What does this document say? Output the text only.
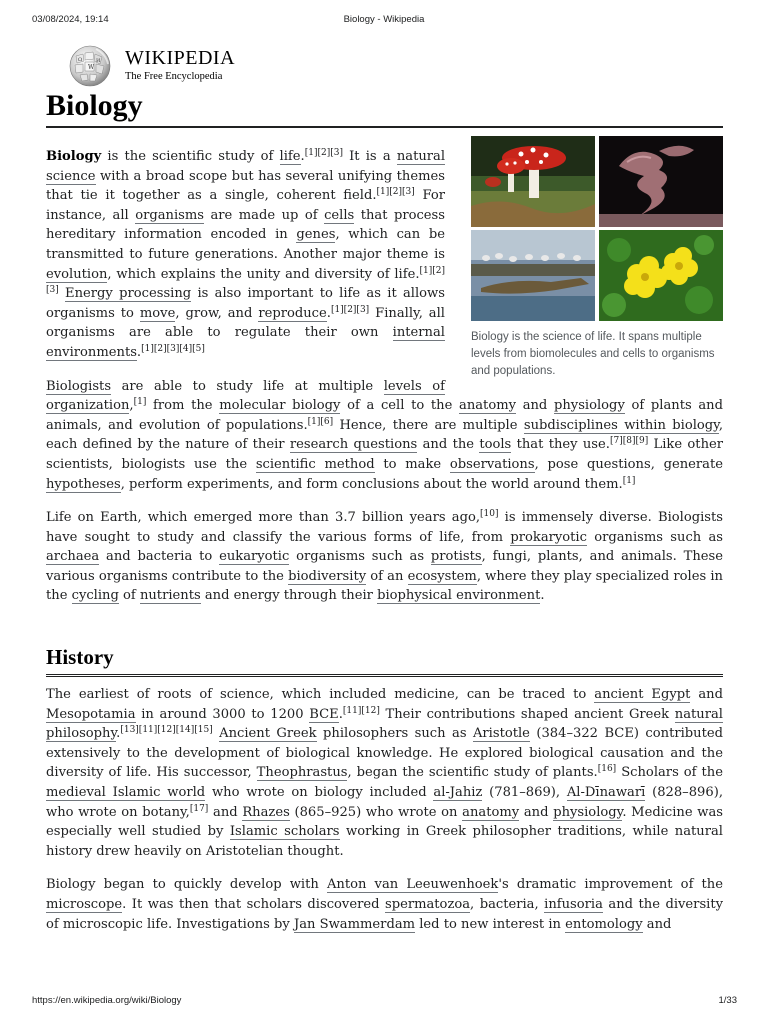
03/08/2024, 19:14	Biology - Wikipedia
W
Ω	И WIKIPEDIA
The Free Encyclopedia
Biology
Biology is the science of life. It spans multiple levels from biomolecules and cells to organisms and populations.

Biology is the scientific study of life.[1][2][3] It is a natural science with a broad scope but has several unifying themes that tie it together as a single, coherent field.[1][2][3] For instance, all organisms are made up of cells that process hereditary information encoded in genes, which can be transmitted to future generations. Another major theme is evolution, which explains the unity and diversity of life.[1][2][3] Energy processing is also important to life as it allows organisms to move, grow, and reproduce.[1][2][3] Finally, all organisms are able to regulate their own internal environments.[1][2][3][4][5]

Biologists are able to study life at multiple levels of organization,[1] from the molecular biology of a cell to the anatomy and physiology of plants and animals, and evolution of populations.[1][6] Hence, there are multiple subdisciplines within biology, each defined by the nature of their research questions and the tools that they use.[7][8][9] Like other scientists, biologists use the scientific method to make observations, pose questions, generate hypotheses, perform experiments, and form conclusions about the world around them.[1]

Life on Earth, which emerged more than 3.7 billion years ago,[10] is immensely diverse. Biologists have sought to study and classify the various forms of life, from prokaryotic organisms such as archaea and bacteria to eukaryotic organisms such as protists, fungi, plants, and animals. These various organisms contribute to the biodiversity of an ecosystem, where they play specialized roles in the cycling of nutrients and energy through their biophysical environment.

History

The earliest of roots of science, which included medicine, can be traced to ancient Egypt and Mesopotamia in around 3000 to 1200 BCE.[11][12] Their contributions shaped ancient Greek natural philosophy.[13][11][12][14][15] Ancient Greek philosophers such as Aristotle (384–322 BCE) contributed extensively to the development of biological knowledge. He explored biological causation and the diversity of life. His successor, Theophrastus, began the scientific study of plants.[16] Scholars of the medieval Islamic world who wrote on biology included al-Jahiz (781–869), Al-Dīnawarī (828–896), who wrote on botany,[17] and Rhazes (865–925) who wrote on anatomy and physiology. Medicine was especially well studied by Islamic scholars working in Greek philosopher traditions, while natural history drew heavily on Aristotelian thought.

Biology began to quickly develop with Anton van Leeuwenhoek's dramatic improvement of the microscope. It was then that scholars discovered spermatozoa, bacteria, infusoria and the diversity of microscopic life. Investigations by Jan Swammerdam led to new interest in entomology and

https://en.wikipedia.org/wiki/Biology	1/33
